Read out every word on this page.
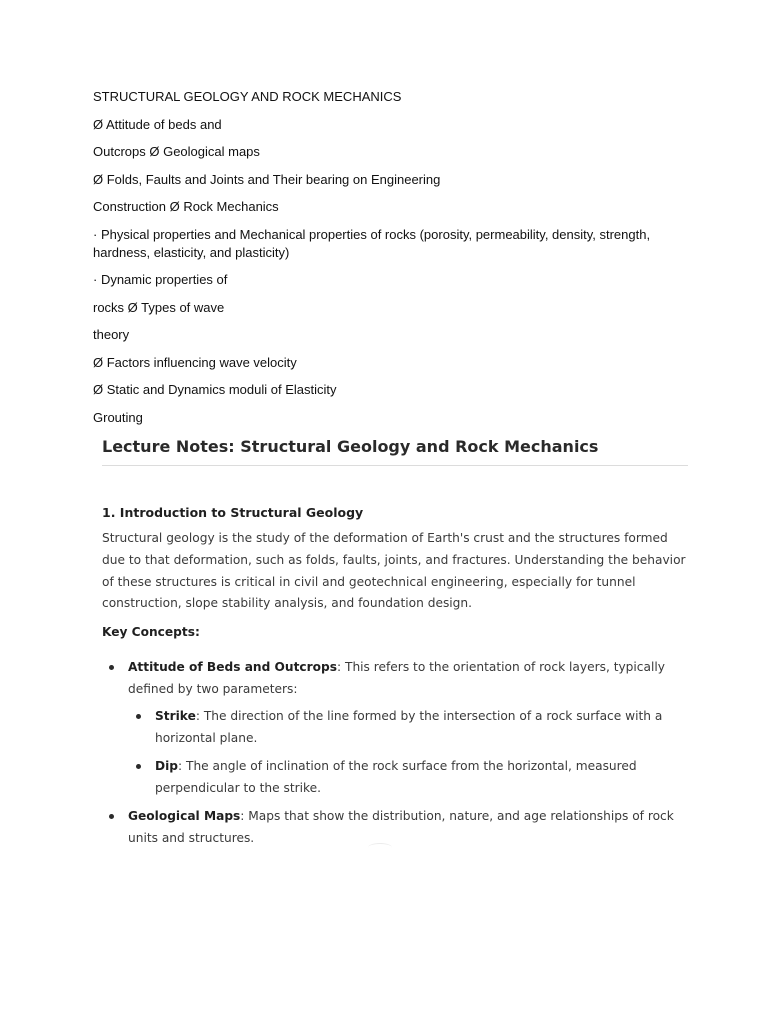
STRUCTURAL GEOLOGY AND ROCK MECHANICS

Ø Attitude of beds and

Outcrops Ø Geological maps

Ø Folds, Faults and Joints and Their bearing on Engineering

Construction Ø Rock Mechanics

· Physical properties and Mechanical properties of rocks (porosity, permeability, density, strength, hardness, elasticity, and plasticity)

· Dynamic properties of

rocks Ø Types of wave

theory

Ø Factors influencing wave velocity

Ø Static and Dynamics moduli of Elasticity

Grouting

Lecture Notes: Structural Geology and Rock Mechanics
1. Introduction to Structural Geology

Structural geology is the study of the deformation of Earth's crust and the structures formed due to that deformation, such as folds, faults, joints, and fractures. Understanding the behavior of these structures is critical in civil and geotechnical engineering, especially for tunnel construction, slope stability analysis, and foundation design.

Key Concepts:

Attitude of Beds and Outcrops: This refers to the orientation of rock layers, typically defined by two parameters:
Strike: The direction of the line formed by the intersection of a rock surface with a horizontal plane.
Dip: The angle of inclination of the rock surface from the horizontal, measured perpendicular to the strike.
Geological Maps: Maps that show the distribution, nature, and age relationships of rock units and structures.
